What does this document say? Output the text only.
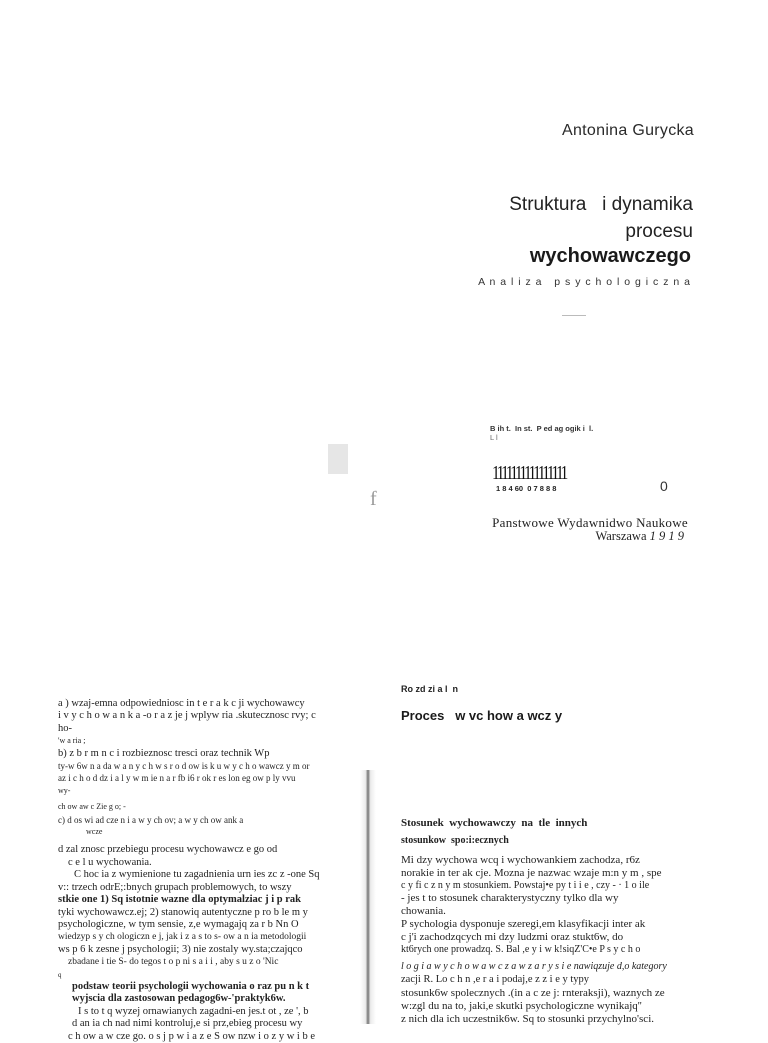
Antonina Gurycka
Struktura   i dynamika
procesu
wychowawczego
A n a l i z a   p s y c h o l o g i c z n a
f
B ih t.  In st.  P ed ag ogik i  l.
L l
1111111111111111
1 8 4 60  0 7 8 8 8	0
Panstwowe Wydawnidwo Naukowe
Warszawa 1 9 1 9
a ) wzaj-emna odpowiedniosc in t e r a k c ji wychowawcy
i v y c h o w a n k a -o r a z je j wplyw ria .skutecznosc rvy; c
ho-
'w a ria ;
b) z b r m n c i rozbieznosc tresci oraz technik Wp
ty-w 6w n a da w a n y c h w s r o d ow is k u w y c h o wawcz y m or
az i c h o d dz i a l y w m ie n a r fb i6 r ok r es lon eg ow p ly vvu
wy-
ch ow aw c Zie g o; -
c) d os wi ad cze n i a w y ch ov; a w y ch ow ank a
wcze
d zal znosc przebiegu procesu wychowawcz e go od
c e l u wychowania.
C hoc ia z wymienione tu zagadnienia urn ies zc z -one Sq
v:: trzech odrE;:bnych grupach problemowych, to wszy
stkie one 1) Sq istotnie wazne dla optymalziac j i p rak
tyki wychowawcz.ej; 2) stanowiq autentyczne p ro b le m y
psychologiczne, w tym sensie, z,e wymagajq za r b Nn O
wiedzyp s y ch ologiczn e j, jak i z a s to s- ow a n ia metodologii
ws p 6 k zesne j psychologii; 3) nie zostaly wy.sta;czajqco
zbadane i tie S- do tegos t o p ni s a i i , aby s u z o 'Nic
q
podstaw teorii psychologii wychowania o raz pu n k t
wyjscia dla zastosowan pedagog6w-'praktyk6w.
I s to t q wyzej ornawianych zagadni-en jes.t ot , ze ', b
d an ia ch nad nimi kontroluj,e si prz,ebieg procesu wy
c h ow a w cze go. o s j p w i a z e S ow nzw i o z y w i b e
Ro zd zi a l  n
Proces   w vc how a wcz y
Stosunek  wychowawczy  na  tle  innych
stosunkow  spo:i:ecznych
Mi dzy wychowa wcq i wychowankiem zachodza, r6z
norakie in ter ak cje. Mozna je nazwac wzaje m:n y m , spe
c y fi c z n y m stosunkiem. Powstaj•e py t i i e , czy - · 1 o ile
- jes t to stosunek charakterystyczny tylko dla wy
chowania.
P sychologia dysponuje szeregi,em klasyfikacji inter ak
c j'i zachodzqcych mi dzy ludzmi oraz stukt6w, do
kt6rych one prowadzq. S. Bal ,e y i w k!siqZ'C•e P s y c h o
l o g i a w y c h o w a w c z a w z a r y s i e nawiqzuje d,o kategory
zacji R. Lo c h n ,e r a i podaj,e z z i e y typy
stosunk6w spolecznych .(in a c ze j: rnteraksji), waznych ze
w:zgl du na to, jaki,e skutki psychologiczne wynikajq''
z nich dla ich uczestnik6w. Sq to stosunki przychylno'sci.
